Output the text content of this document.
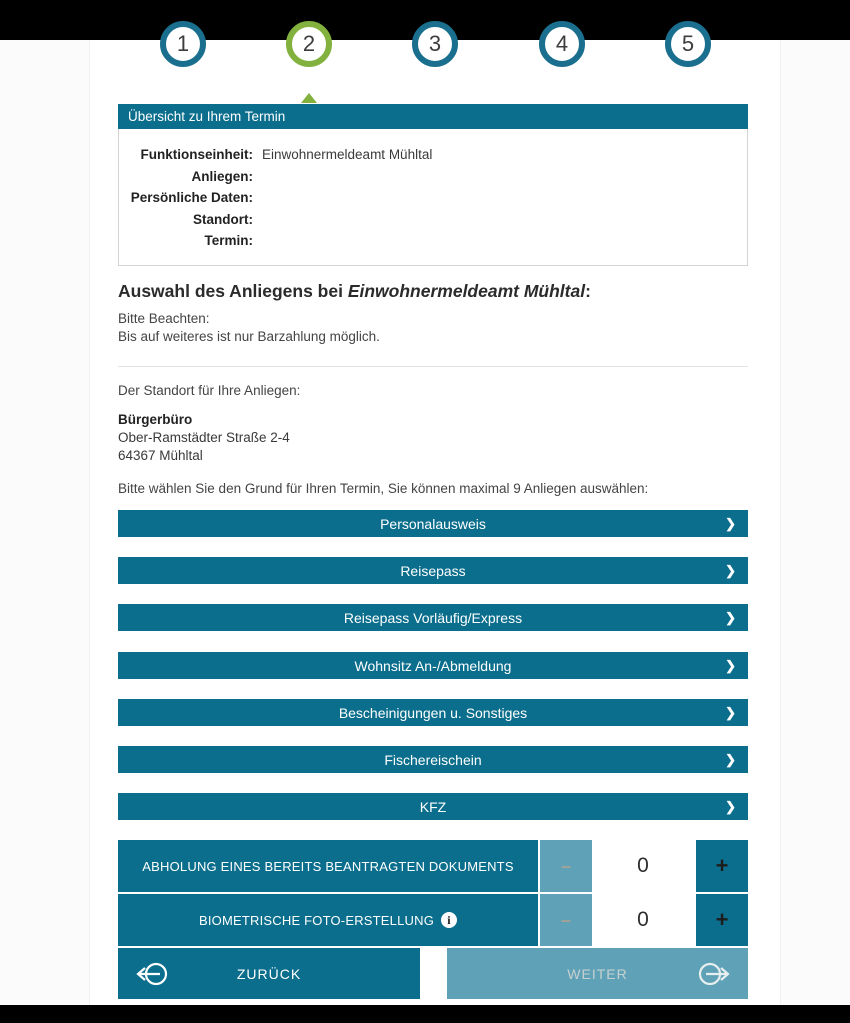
1	2	3	4	5
Übersicht zu Ihrem Termin
Funktionseinheit: Einwohnermeldeamt Mühltal
Anliegen:
Persönliche Daten:
Standort:
Termin:
Auswahl des Anliegens bei Einwohnermeldeamt Mühltal:
Bitte Beachten:
Bis auf weiteres ist nur Barzahlung möglich.
Der Standort für Ihre Anliegen:
Bürgerbüro
Ober-Ramstädter Straße 2-4
64367 Mühltal
Bitte wählen Sie den Grund für Ihren Termin, Sie können maximal 9 Anliegen auswählen:
Personalausweis	❯
Reisepass	❯
Reisepass Vorläufig/Express	❯
Wohnsitz An-/Abmeldung	❯
Bescheinigungen u. Sonstiges	❯
Fischereischein	❯
KFZ	❯
ABHOLUNG EINES BEREITS BEANTRAGTEN DOKUMENTS	–	0	+
BIOMETRISCHE FOTO-ERSTELLUNG	i	–	0	+
ZURÜCK	WEITER
